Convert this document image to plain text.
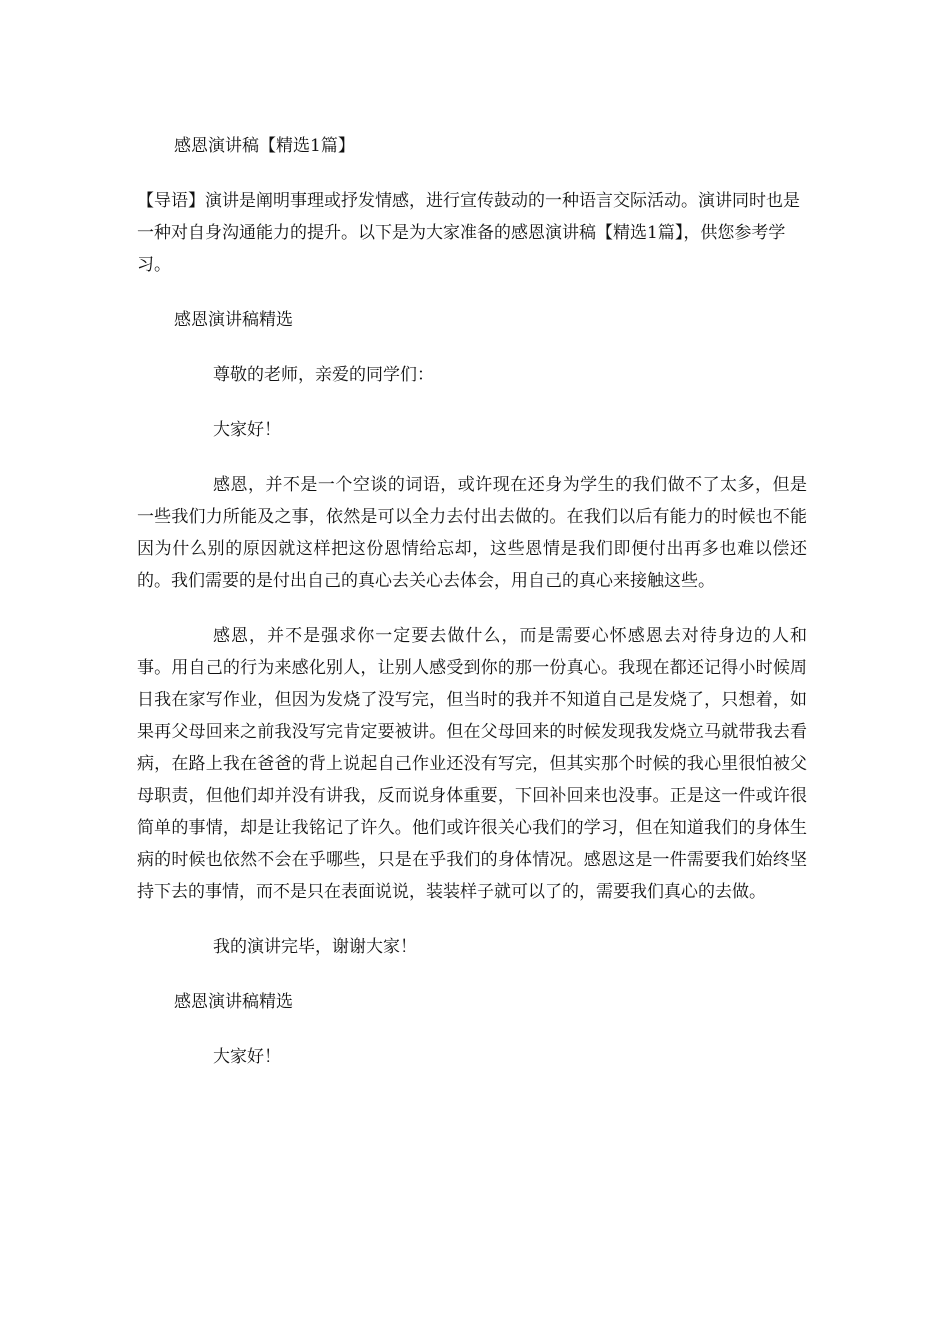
感恩演讲稿【精选1篇】

【导语】演讲是阐明事理或抒发情感，进行宣传鼓动的一种语言交际活动。演讲同时也是一种对自身沟通能力的提升。以下是为大家准备的感恩演讲稿【精选1篇】，供您参考学习。

感恩演讲稿精选

尊敬的老师，亲爱的同学们：

大家好！

感恩，并不是一个空谈的词语，或许现在还身为学生的我们做不了太多，但是一些我们力所能及之事，依然是可以全力去付出去做的。在我们以后有能力的时候也不能因为什么别的原因就这样把这份恩情给忘却，这些恩情是我们即便付出再多也难以偿还的。我们需要的是付出自己的真心去关心去体会，用自己的真心来接触这些。

感恩，并不是强求你一定要去做什么，而是需要心怀感恩去对待身边的人和事。用自己的行为来感化别人，让别人感受到你的那一份真心。我现在都还记得小时候周日我在家写作业，但因为发烧了没写完，但当时的我并不知道自己是发烧了，只想着，如果再父母回来之前我没写完肯定要被讲。但在父母回来的时候发现我发烧立马就带我去看病，在路上我在爸爸的背上说起自己作业还没有写完，但其实那个时候的我心里很怕被父母职责，但他们却并没有讲我，反而说身体重要，下回补回来也没事。正是这一件或许很简单的事情，却是让我铭记了许久。他们或许很关心我们的学习，但在知道我们的身体生病的时候也依然不会在乎哪些，只是在乎我们的身体情况。感恩这是一件需要我们始终坚持下去的事情，而不是只在表面说说，装装样子就可以了的，需要我们真心的去做。

我的演讲完毕，谢谢大家！

感恩演讲稿精选

大家好！
